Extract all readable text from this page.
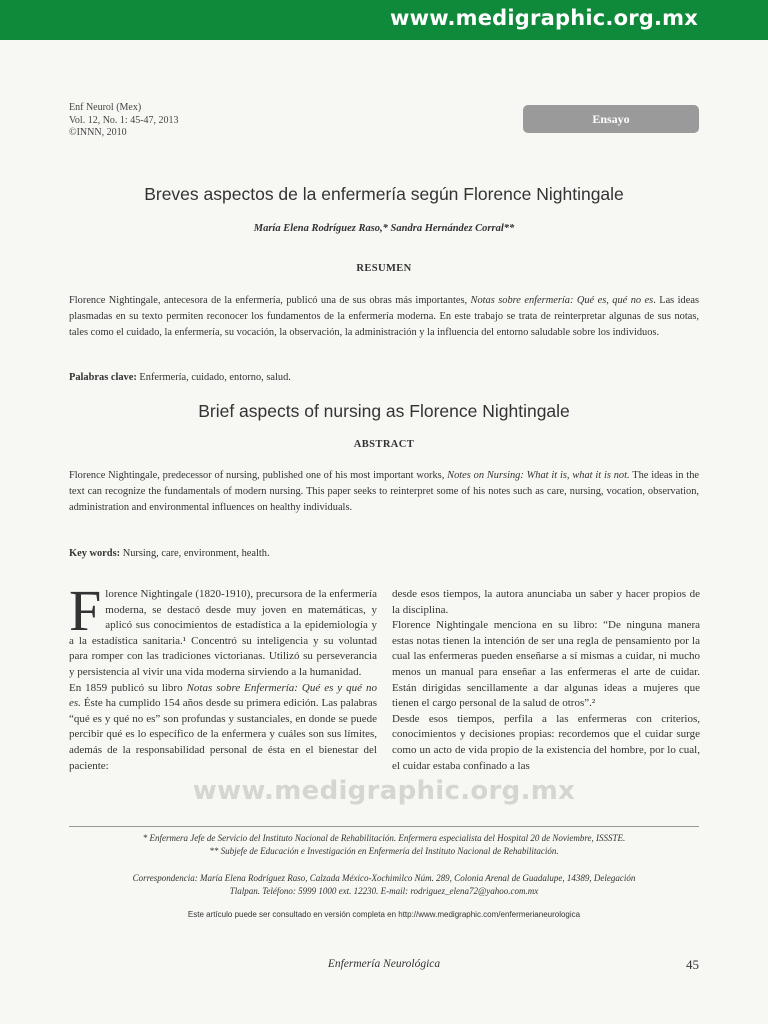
www.medigraphic.org.mx
Enf Neurol (Mex)
Vol. 12, No. 1: 45-47, 2013
©INNN, 2010
Ensayo
Breves aspectos de la enfermería según Florence Nightingale
María Elena Rodríguez Raso,* Sandra Hernández Corral**
RESUMEN
Florence Nightingale, antecesora de la enfermería, publicó una de sus obras más importantes, Notas sobre enfermería: Qué es, qué no es. Las ideas plasmadas en su texto permiten reconocer los fundamentos de la enfermería moderna. En este trabajo se trata de reinterpretar algunas de sus notas, tales como el cuidado, la enfermería, su vocación, la observación, la administración y la influencia del entorno saludable sobre los individuos.
Palabras clave: Enfermería, cuidado, entorno, salud.
Brief aspects of nursing as Florence Nightingale
ABSTRACT
Florence Nightingale, predecessor of nursing, published one of his most important works, Notes on Nursing: What it is, what it is not. The ideas in the text can recognize the fundamentals of modern nursing. This paper seeks to reinterpret some of his notes such as care, nursing, vocation, observation, administration and environmental influences on healthy individuals.
Key words: Nursing, care, environment, health.

Florence Nightingale (1820-1910), precursora de la enfermería moderna, se destacó desde muy joven en matemáticas, y aplicó sus conocimientos de estadística a la epidemiología y a la estadística sanitaria.¹ Concentró su inteligencia y su voluntad para romper con las tradiciones victorianas. Utilizó su perseverancia y persistencia al vivir una vida moderna sirviendo a la humanidad.

En 1859 publicó su libro Notas sobre Enfermería: Qué es y qué no es. Éste ha cumplido 154 años desde su primera edición. Las palabras “qué es y qué no es” son profundas y sustanciales, en donde se puede percibir qué es lo específico de la enfermera y cuáles son sus límites, además de la responsabilidad personal de ésta en el bienestar del paciente:

desde esos tiempos, la autora anunciaba un saber y hacer propios de la disciplina.

Florence Nightingale menciona en su libro: “De ninguna manera estas notas tienen la intención de ser una regla de pensamiento por la cual las enfermeras pueden enseñarse a sí mismas a cuidar, ni mucho menos un manual para enseñar a las enfermeras el arte de cuidar. Están dirigidas sencillamente a dar algunas ideas a mujeres que tienen el cargo personal de la salud de otros”.²

Desde esos tiempos, perfila a las enfermeras con criterios, conocimientos y decisiones propias: recordemos que el cuidar surge como un acto de vida propio de la existencia del hombre, por lo cual, el cuidar estaba confinado a las

www.medigraphic.org.mx
* Enfermera Jefe de Servicio del Instituto Nacional de Rehabilitación. Enfermera especialista del Hospital 20 de Noviembre, ISSSTE.
** Subjefe de Educación e Investigación en Enfermería del Instituto Nacional de Rehabilitación.
Correspondencia: María Elena Rodríguez Raso, Calzada México-Xochimilco Núm. 289, Colonia Arenal de Guadalupe, 14389, Delegación
Tlalpan. Teléfono: 5999 1000 ext. 12230. E-mail: rodriguez_elena72@yahoo.com.mx
Este artículo puede ser consultado en versión completa en http://www.medigraphic.com/enfermerianeurologica
Enfermería Neurológica	45
